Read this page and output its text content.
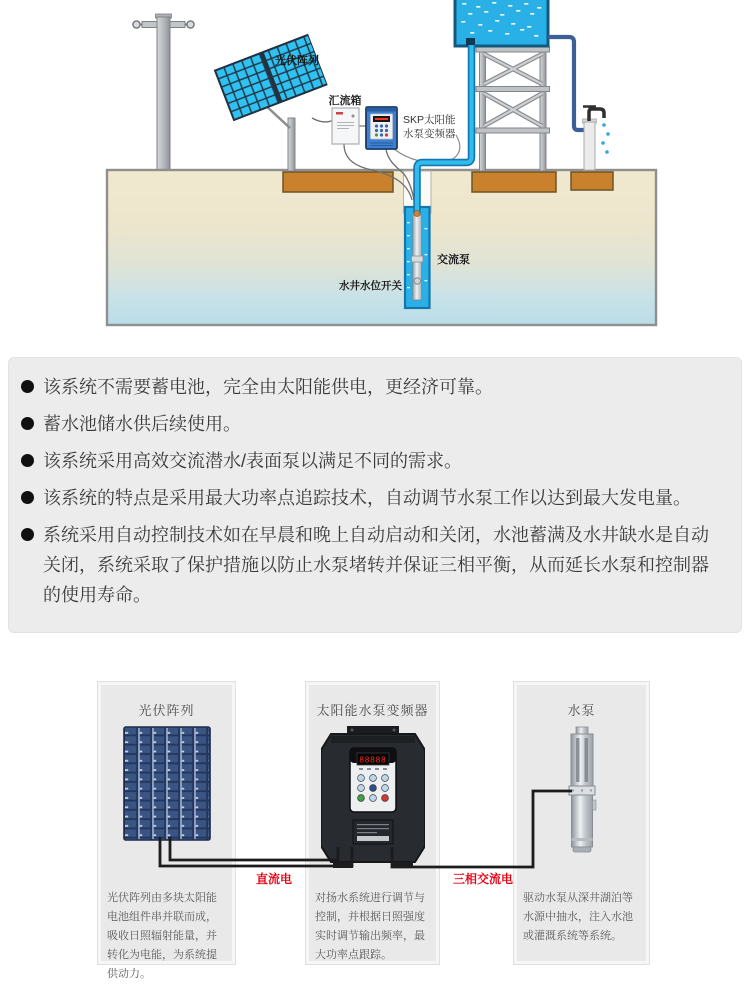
光伏阵列
汇流箱
交流泵
水井水位开关
SKP太阳能
水泵变频器
该系统不需要蓄电池，完全由太阳能供电，更经济可靠。
蓄水池储水供后续使用。
该系统采用高效交流潜水/表面泵以满足不同的需求。
该系统的特点是采用最大功率点追踪技术，自动调节水泵工作以达到最大发电量。
系统采用自动控制技术如在早晨和晚上自动启动和关闭，水池蓄满及水井缺水是自动关闭，系统采取了保护措施以防止水泵堵转并保证三相平衡，从而延长水泵和控制器的使用寿命。
光伏阵列
光伏阵列由多块太阳能电池组件串并联而成，吸收日照辐射能量，并转化为电能，为系统提供动力。
太阳能水泵变频器
88888
对扬水系统进行调节与控制，并根据日照强度实时调节输出频率，最大功率点跟踪。
水泵
驱动水泵从深井湖泊等水源中抽水，注入水池或灌溉系统等系统。
直流电	三相交流电
